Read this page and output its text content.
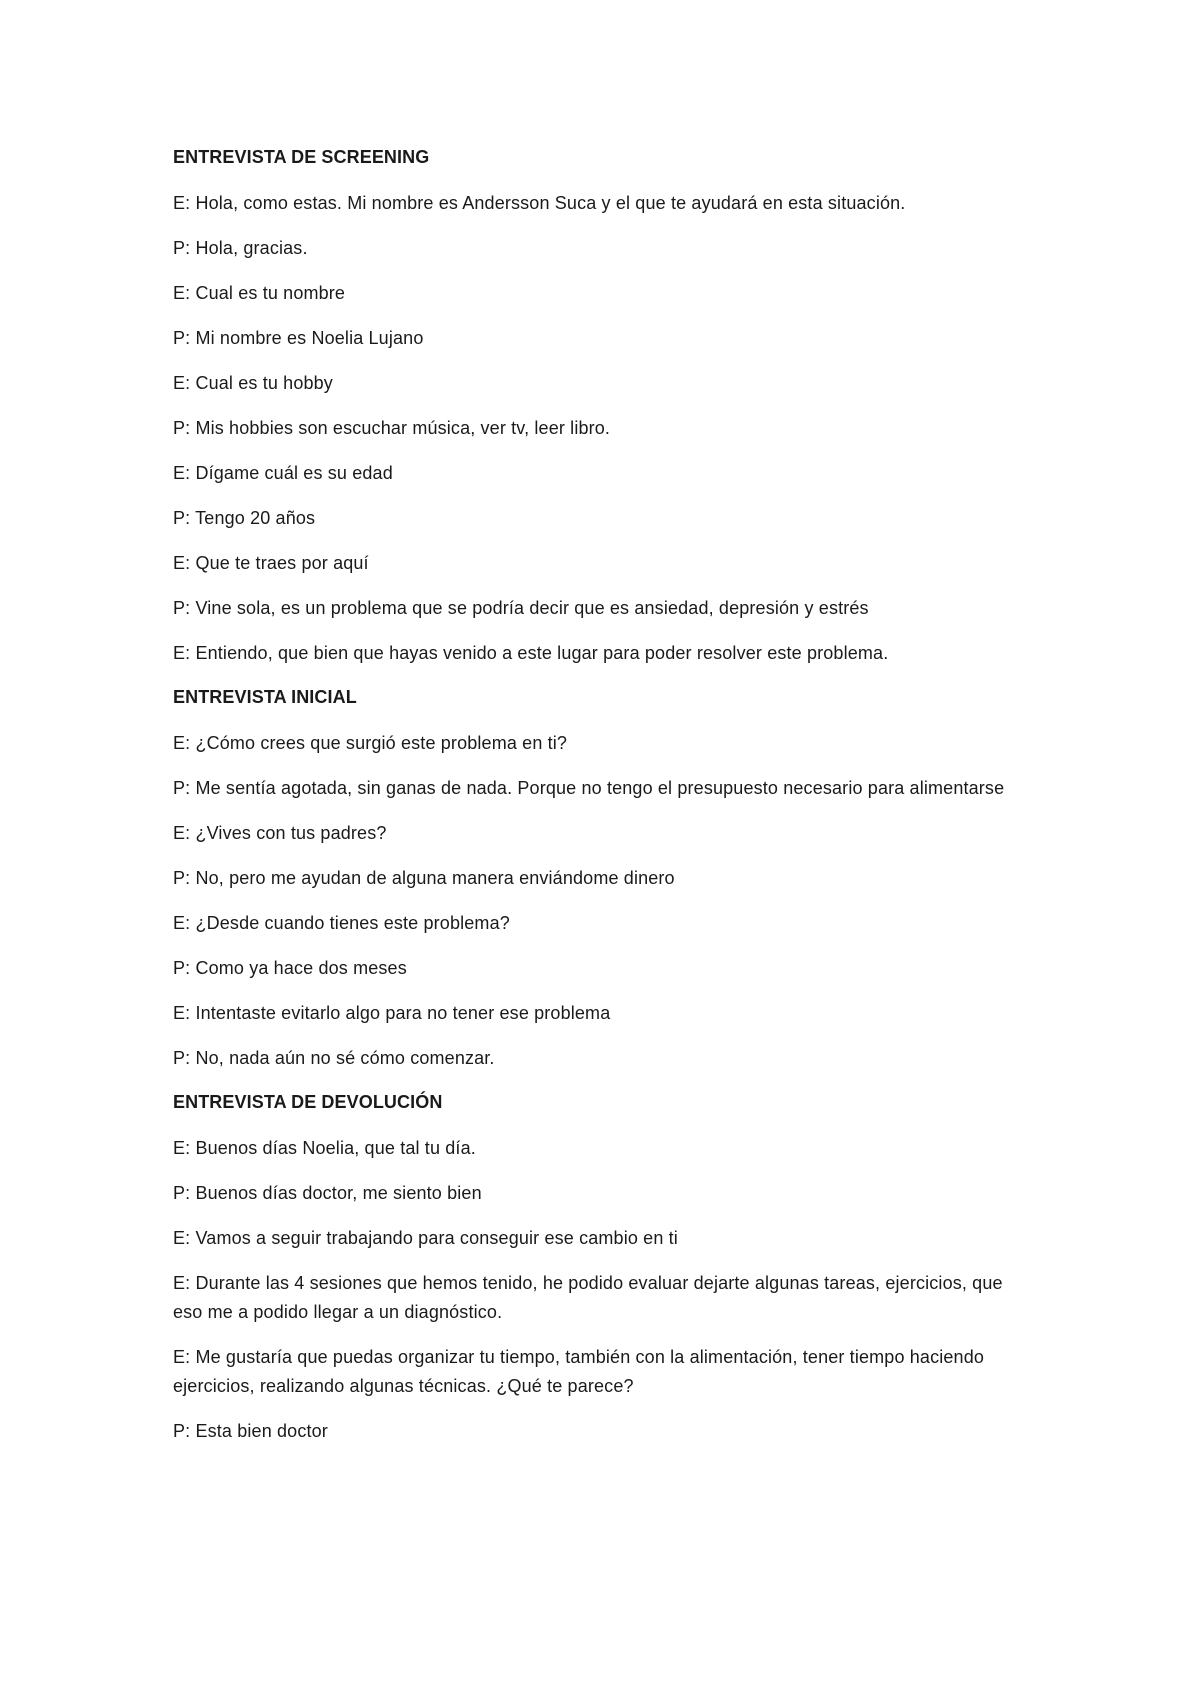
ENTREVISTA DE SCREENING

E: Hola, como estas. Mi nombre es Andersson Suca y el que te ayudará en esta situación.

P: Hola, gracias.

E: Cual es tu nombre

P: Mi nombre es Noelia Lujano

E: Cual es tu hobby

P: Mis hobbies son escuchar música, ver tv, leer libro.

E: Dígame cuál es su edad

P: Tengo 20 años

E: Que te traes por aquí

P: Vine sola, es un problema que se podría decir que es ansiedad, depresión y estrés

E: Entiendo, que bien que hayas venido a este lugar para poder resolver este problema.

ENTREVISTA INICIAL

E: ¿Cómo crees que surgió este problema en ti?

P: Me sentía agotada, sin ganas de nada. Porque no tengo el presupuesto necesario para alimentarse

E: ¿Vives con tus padres?

P: No, pero me ayudan de alguna manera enviándome dinero

E: ¿Desde cuando tienes este problema?

P: Como ya hace dos meses

E: Intentaste evitarlo algo para no tener ese problema

P: No, nada aún no sé cómo comenzar.

ENTREVISTA DE DEVOLUCIÓN

E: Buenos días Noelia, que tal tu día.

P: Buenos días doctor, me siento bien

E: Vamos a seguir trabajando para conseguir ese cambio en ti

E: Durante las 4 sesiones que hemos tenido, he podido evaluar dejarte algunas tareas, ejercicios, que eso me a podido llegar a un diagnóstico.

E: Me gustaría que puedas organizar tu tiempo, también con la alimentación, tener tiempo haciendo ejercicios, realizando algunas técnicas. ¿Qué te parece?

P: Esta bien doctor
